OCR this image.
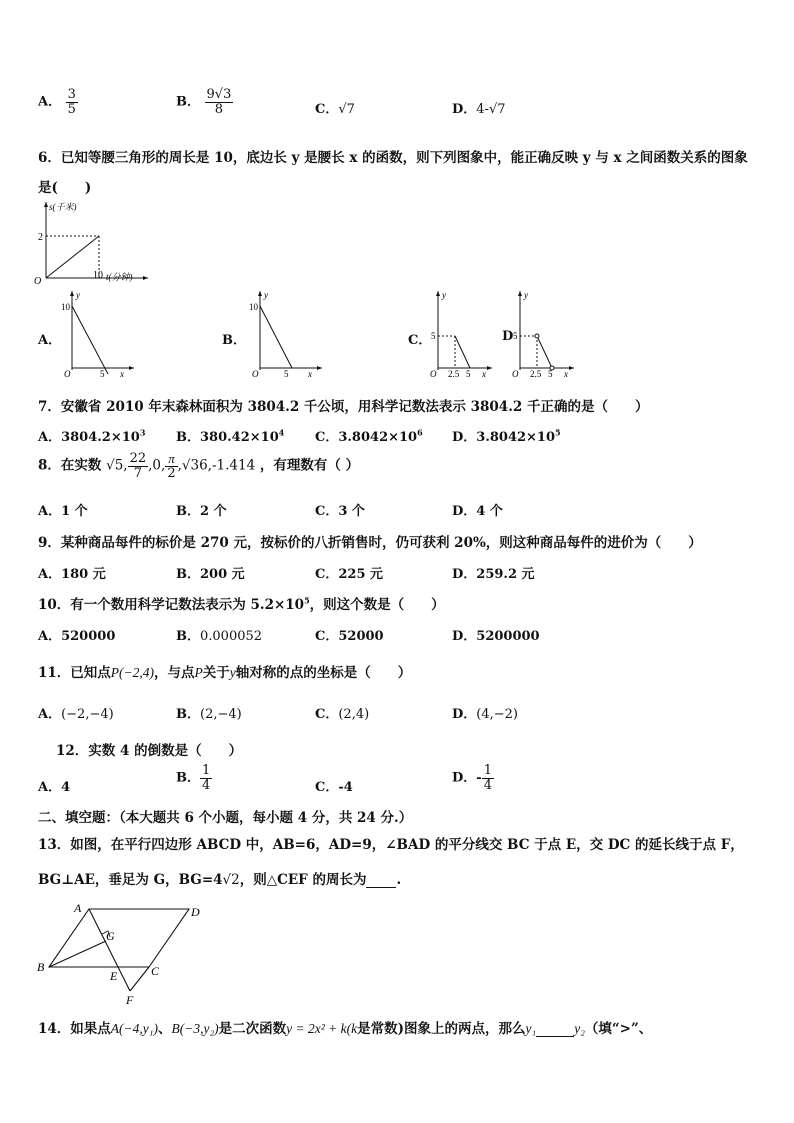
A． $\frac{3}{5}$	B． $\frac{9√3}{8}$	C．√7	D．4-√7
6．已知等腰三角形的周长是 10，底边长 y 是腰长 x 的函数，则下列图象中，能正确反映 y 与 x 之间函数关系的图象
是(　　)
s(千米)
O
2
10 t(分钟)
A．
y
10
O	5 x
B．
y
10
O	5 x
C．
y
5
O 2.5 5 x
D
y
5
O 2.5 5 x
7．安徽省 2010 年末森林面积为 3804.2 千公顷，用科学记数法表示 3804.2 千正确的是（　　）
A．$3804.2\times 10^3$ B．$380.42\times 10^4$ C．$3.8042\times 10^6$ D．$3.8042\times 10^5$
8．在实数 √5, $\frac{22}{7} ,0$, $\frac{\pi}{2} ,√36,-1.414$ ，有理数有（ ）
A．1 个	B．2 个	C．3 个	D．4 个
9．某种商品每件的标价是 270 元，按标价的八折销售时，仍可获利 20%，则这种商品每件的进价为（　　）
A．180 元	B．200 元	C．225 元	D．259.2 元
10．有一个数用科学记数法表示为 $5.2\times 10^5$，则这个数是（　　）
A．520000	B．0.000052	C．52000	D．5200000
11．已知点P(−2,4)，与点P关于y轴对称的点的坐标是（　　）
A．(−2,−4)	B．(2,−4)	C．(2,4)	D．(4,−2)
12．实数 4 的倒数是（　　）
A．4
B． $\frac{1}{4}$	C．-4
D．- $\frac{1}{4}$
二、填空题：（本大题共 6 个小题，每小题 4 分，共 24 分.）
13．如图，在平行四边形 ABCD 中，AB=6，AD=9，∠BAD 的平分线交 BC 于点 E，交 DC 的延长线于点 F，
BG⊥AE，垂足为 G，BG=4√2，则△CEF 的周长为 .
A	D
B	C
E
F
G
14．如果点A(−4,y₁)、B(−3,y₂)是二次函数y = 2x² + k(k是常数)图象上的两点，那么y₁	y₂（填“>”、
